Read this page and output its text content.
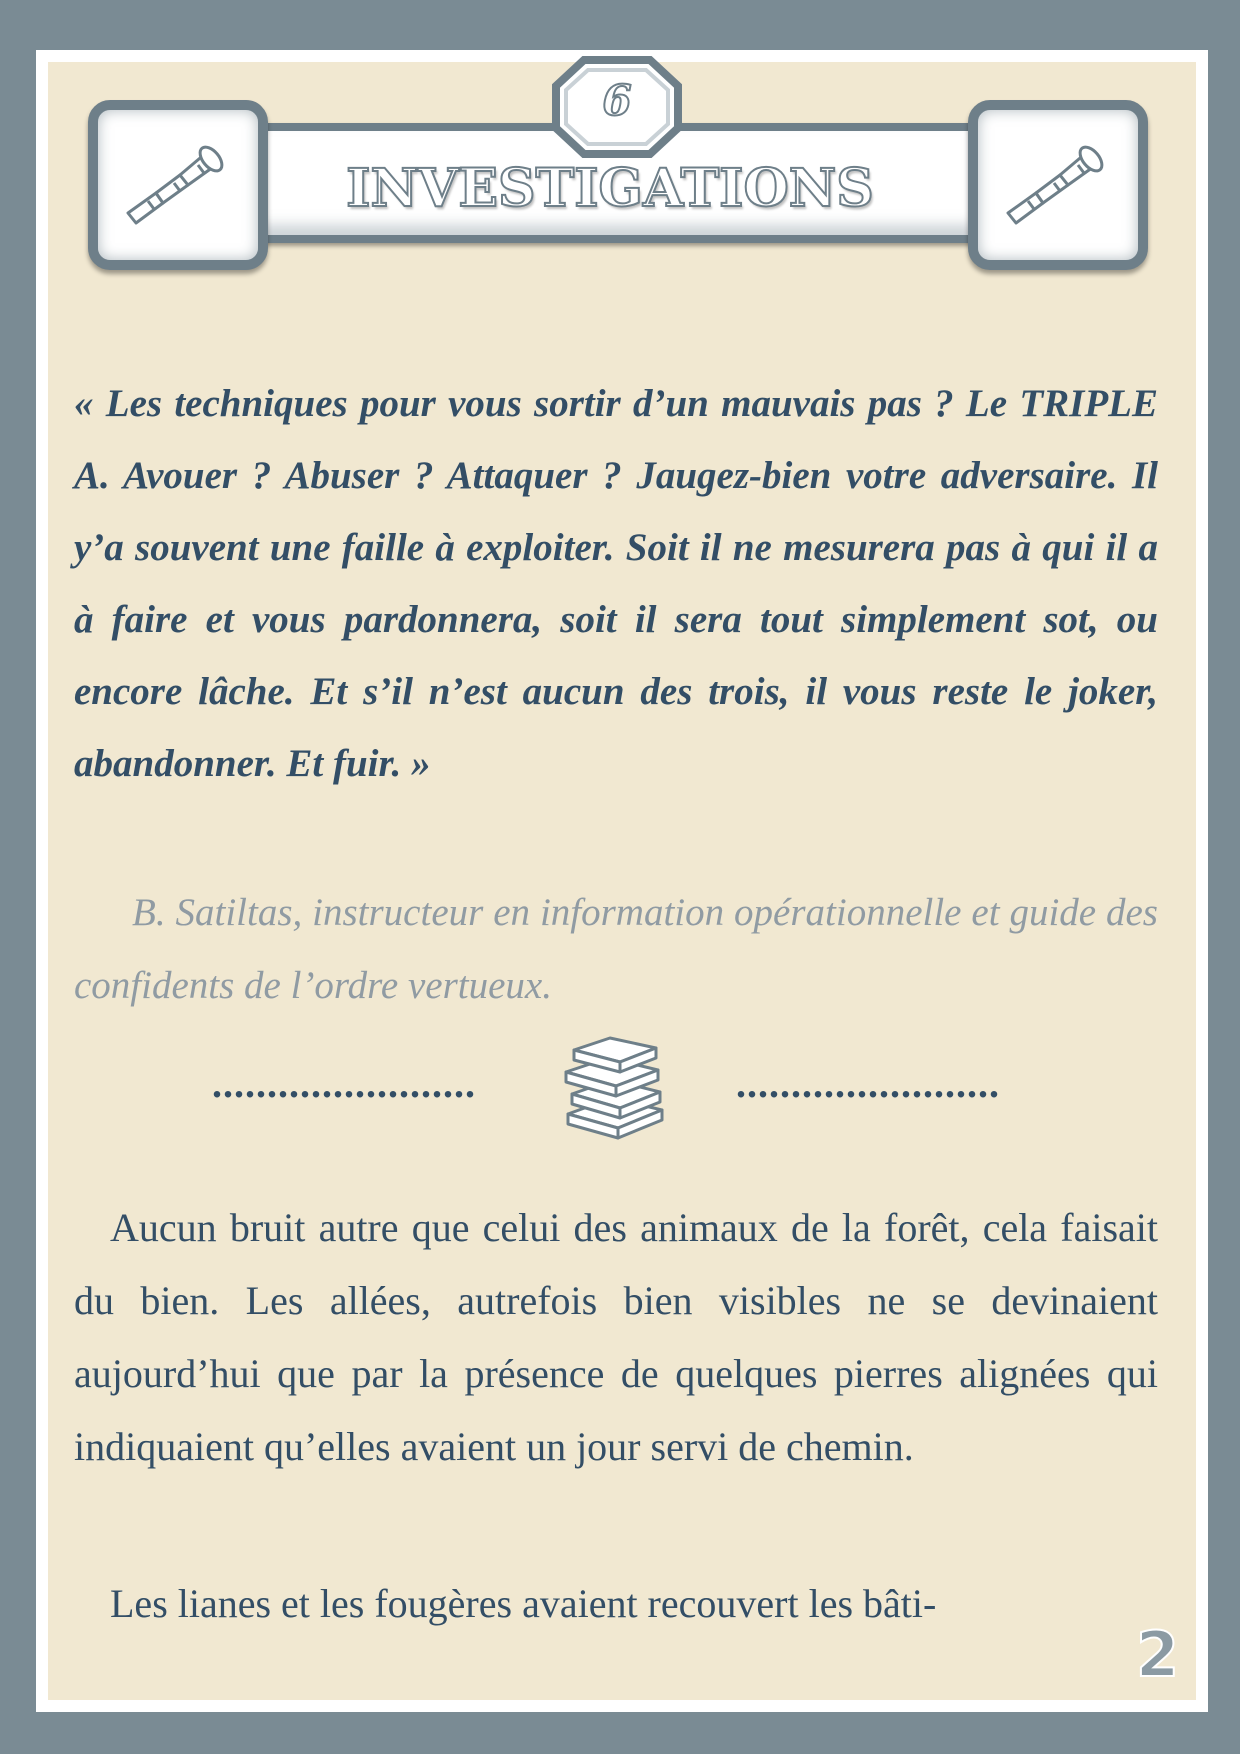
6
INVESTIGATIONS

« Les techniques pour vous sortir d’un mauvais pas ? Le TRIPLE A. Avouer ? Abuser ? Attaquer ? Jaugez-bien votre adversaire. Il y’a souvent une faille à exploiter. Soit il ne mesurera pas à qui il a à faire et vous pardonnera, soit il sera tout simplement sot, ou encore lâche. Et s’il n’est aucun des trois, il vous reste le joker, abandonner. Et fuir. »

B. Satiltas, instructeur en information opérationnelle et guide des confidents de l’ordre vertueux.

........................	........................

Aucun bruit autre que celui des animaux de la forêt, cela faisait du bien. Les allées, autrefois bien visibles ne se devinaient aujourd’hui que par la présence de quelques pierres alignées qui indiquaient qu’elles avaient un jour servi de chemin.

Les lianes et les fougères avaient recouvert les bâti-

2
